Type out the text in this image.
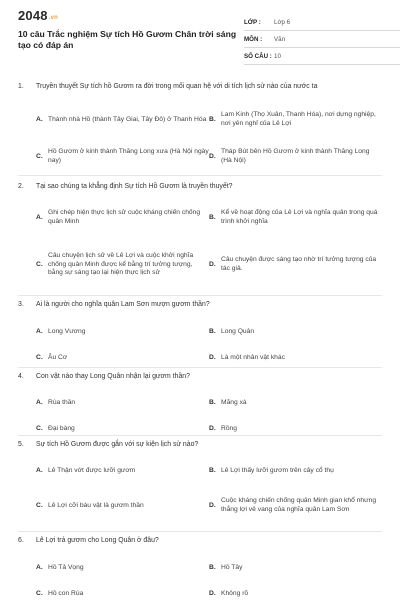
2048.vn
10 câu Trắc nghiệm Sự tích Hồ Gươm Chân trời sáng tạo có đáp án
LỚP :	Lớp 6
MÔN :	Văn
SỐ CÂU : 10
1.	Truyền thuyết Sự tích hồ Gươm ra đời trong mối quan hệ với di tích lịch sử nào của nước ta
A. Thành nhà Hồ (thành Tây Giai, Tây Đô) ở Thanh Hóa B.
Lam Kinh (Thọ Xuân, Thanh Hóa), nơi dựng nghiệp, nơi yên nghỉ của Lê Lợi
C.
Hồ Gươm ở kinh thành Thăng Long xưa (Hà Nội ngày nay)
D.
Tháp Bút bên Hồ Gươm ở kinh thành Thăng Long (Hà Nội)
2.	Tại sao chúng ta khẳng định Sự tích Hồ Gươm là truyền thuyết?
A.
Ghi chép hiện thực lịch sử cuộc kháng chiến chống quân Minh
B.
Kể về hoạt động của Lê Lợi và nghĩa quân trong quá trình khởi nghĩa
C.
Câu chuyện lịch sử về Lê Lợi và cuộc khởi nghĩa chống quân Minh được kể bằng trí tưởng tượng, bằng sự sáng tạo lại hiện thực lịch sử
D.
Câu chuyện được sáng tạo nhờ trí tưởng tượng của tác giả.
3.	Ai là người cho nghĩa quân Lam Sơn mượn gươm thần?
A. Long Vương	B. Long Quân
C. Âu Cơ	D. Là một nhân vật khác
4.	Con vật nào thay Long Quân nhận lại gươm thần?
A. Rùa thần	B. Mãng xà
C. Đại bàng	D. Rồng
5.	Sự tích Hồ Gươm được gắn với sự kiện lịch sử nào?
A. Lê Thận vớt được lưỡi gươm	B. Lê Lợi thấy lưỡi gươm trên cây cổ thụ
C. Lê Lợi cỡi báu vật là gươm thần	D.
Cuộc kháng chiến chống quân Minh gian khổ nhưng thắng lợi vẻ vang của nghĩa quân Lam Sơn
6.	Lê Lợi trả gươm cho Long Quân ở đâu?
A. Hồ Tả Vọng	B. Hồ Tây
C. Hồ con Rùa	D. Không rõ
